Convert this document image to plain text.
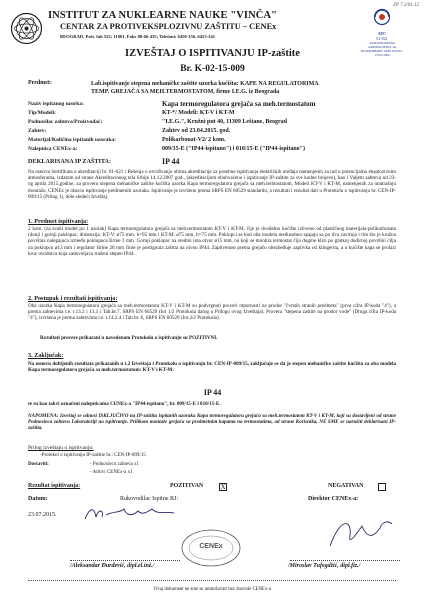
ZP 7.2/01.12
INSTITUT ZA NUKLEARNE NAUKE "VINČA"
CENTAR ZA PROTIVEKSPLOZIVNU ZAŠTITU – CENEx
BEOGRAD, Pošt. fah 522; 11001, Faks 80-66-435; Telefoni: 6450-156, 6453-341
ATC
01-021
АКРЕДИТОВАНА ЛАБОРАТОРИЈА ЗА ИСПИТИВАЊЕ SRPS ISO/IEC 17025:2006
IZVEŠTAJ O ISPITIVANJU IP-zaštite
Br. K-02-15-009
Predmet:	Lab.ispitivanje stepena mehaničke zaštite uzorka kućišta: KAPE NA REGULATORIMA
TEMP. GREJAČA SA MEH.TERMOSTATOM, firme I.E.G. iz Beograda
Naziv ispitanog uzorka:	Kapa termoregulatora grejača sa meh.termostatom
Tip/Modeli:	KT-*/ Modeli: KT-V i KT-M
Podnosilac zahteva/Proizvođač:	"I.E.G.", Kružni put 40, 11309 Leštane, Beograd
Zahtev:	Zahtev od 23.04.2015. god.
Materijal/Količina ispitanih uzoraka:	Polikarbonat-V2/ 2 kom.
Nalepnica CENEx-a:	009/15-E ("IP44-ispitano") i 010/15-E ("IP44-ispitano")
DEKLARISANA IP ZAŠTITA:	IP 44
Na osnovu Sertifikata o akreditaciji br. 01-021 i Rešenja o utvrđivanju obima akreditacije za posebne ispitivanja električnih uređaja namenjenih za rad u potencijalno eksplozivnim atmosferama, izdatom od strane Akreditacionog tela Srbije 14.12.2007 god., (akreditacijom obuhvaćeno i ispitivanje IP-zaštite za sve kodne brojeve), kao i Valjem zahtevu od 23-og aprila 2015.godine, za proveru stepena mehaničke zaštite kućišta uzorka Kapa termoregulatora grejača sa meh.termostatom, Modeli KT-V i KT-M, namenjenih za unutrašnju montažu, CENEx je obavio ispitivanje predmetnih uzoraka. Ispitivanje je izvršeno prema SRPS EN 60529 standardu, a rezultati i rezultat dati u Protokolu o ispitivanju br. CEN-IP-009/15 (Prilog 1), dole sledeći Izveštaj:
1. Predmet ispitivanja:
2 kom. (za svaki model po 1 uzorak) Kapa termoregulatora grejača sa meh.termostatom KT-V i KT-M, čije je dvodelno kućište izliveno od plastičnog materijala-polikarbonata (donji i gornji poklopac, dimenzija: KT-V: ø75 mm, h=95 mm i KT-M: ø75 mm, h=75 mm. Poklopci se kod oba modela međusobno spajaju sa po dva zavrtnja i tim što je kružna površina nalegajuća između poklopaca širine 3 mm. Gornji poklopac na sredini ima otvor ø15 mm, na koji se montira termostat čija dugme klizi po glatkoj dodirnoj površini cilja na poklopcu ø13 mm i regulator širine 26 mm čime je postignuta zaštita na nivou IP44. Zaptivenost prema grejaču obezbeđuje zaptivka od klingerita, a u kućište kapa se prolazi kroz uvodnicu koja zadovoljava traženi stepen IP44.
2. Postupak i rezultati ispitivanja:
Oba uzorka Kapa termoregulatora grejača sa meh.termostatom KT-V i KT-M su podvrgnuti proveri otpornosti na prodor "čvrstih stranih predmeta" (prva cifra IP-koda "4"), a prema zahtevima t.e. t.13.2 i 13.3 i Tab.br.7, SRPS EN 60529 (Iot 1/2 Protokola datog u Prilogu ovog Izveštaja). Provera "stepena zaštite na prodor vode" (Druga cifra IP-koda "4"), izvršena je prema zahtevima t.e. t.14.2.4 i Tab.br. 8, SRPS EN 60529 (Iot 2/2 Protokola).
Rezultati provere prikazani u navedenom Protokolu o ispitivanju su POZITIVNI.
3. Zaključak:
Na osnovu dobijenih rezultata prikazanih u t.2 Izveštaja i Protokolu o ispitivanju br. CEN-IP-009/15, zaključuje se da je stepen mehaničke zaštite kućišta za oba modela Kapa termoregulatora grejača sa meh.termostatom: KT-V i KT-M:
IP 44
te su kao takvi označeni nalepnicama CENEx-a "IP44-ispitano", br. 009/15-E i 010/15-E.
NAPOMENA: Izveštaj se odnosi ISKLJUČIVO na IP-zaštitu ispitanih uzoraka Kapa termoregulatora grejača sa meh.termostatom KT-V i KT-M, koji su dostavljeni od strane Podnosioca zahteva Laboratoriji na ispitivanje. Prilikom montaže grejača sa predmetnim kapama na termostatima, od strane Korisnika, NE SME se narušiti deklarisani IP-zaštita.
Prilog izveštaju o ispitivanju:
-Protokol o ispitivanju IP-zaštite br.: CEN-IP-009/15
Dostaviti:	- Podnosiocu zahteva x1
- Arhivi CENEx-a x1
Rezultat ispitivanja:	POZITIVAN X	NEGATIVAN
Datum:	Rukovodilac Ispitne RJ:	Direktor CENEx-a:
23.07.2015.
CENEx
/Aleksandar Đurđević, dipl.el.inž./	/Miroslav Tufegdžić, dipl.fiz./
Ovaj dokument ne sme se umnožavati bez dozvole CENEx-a
